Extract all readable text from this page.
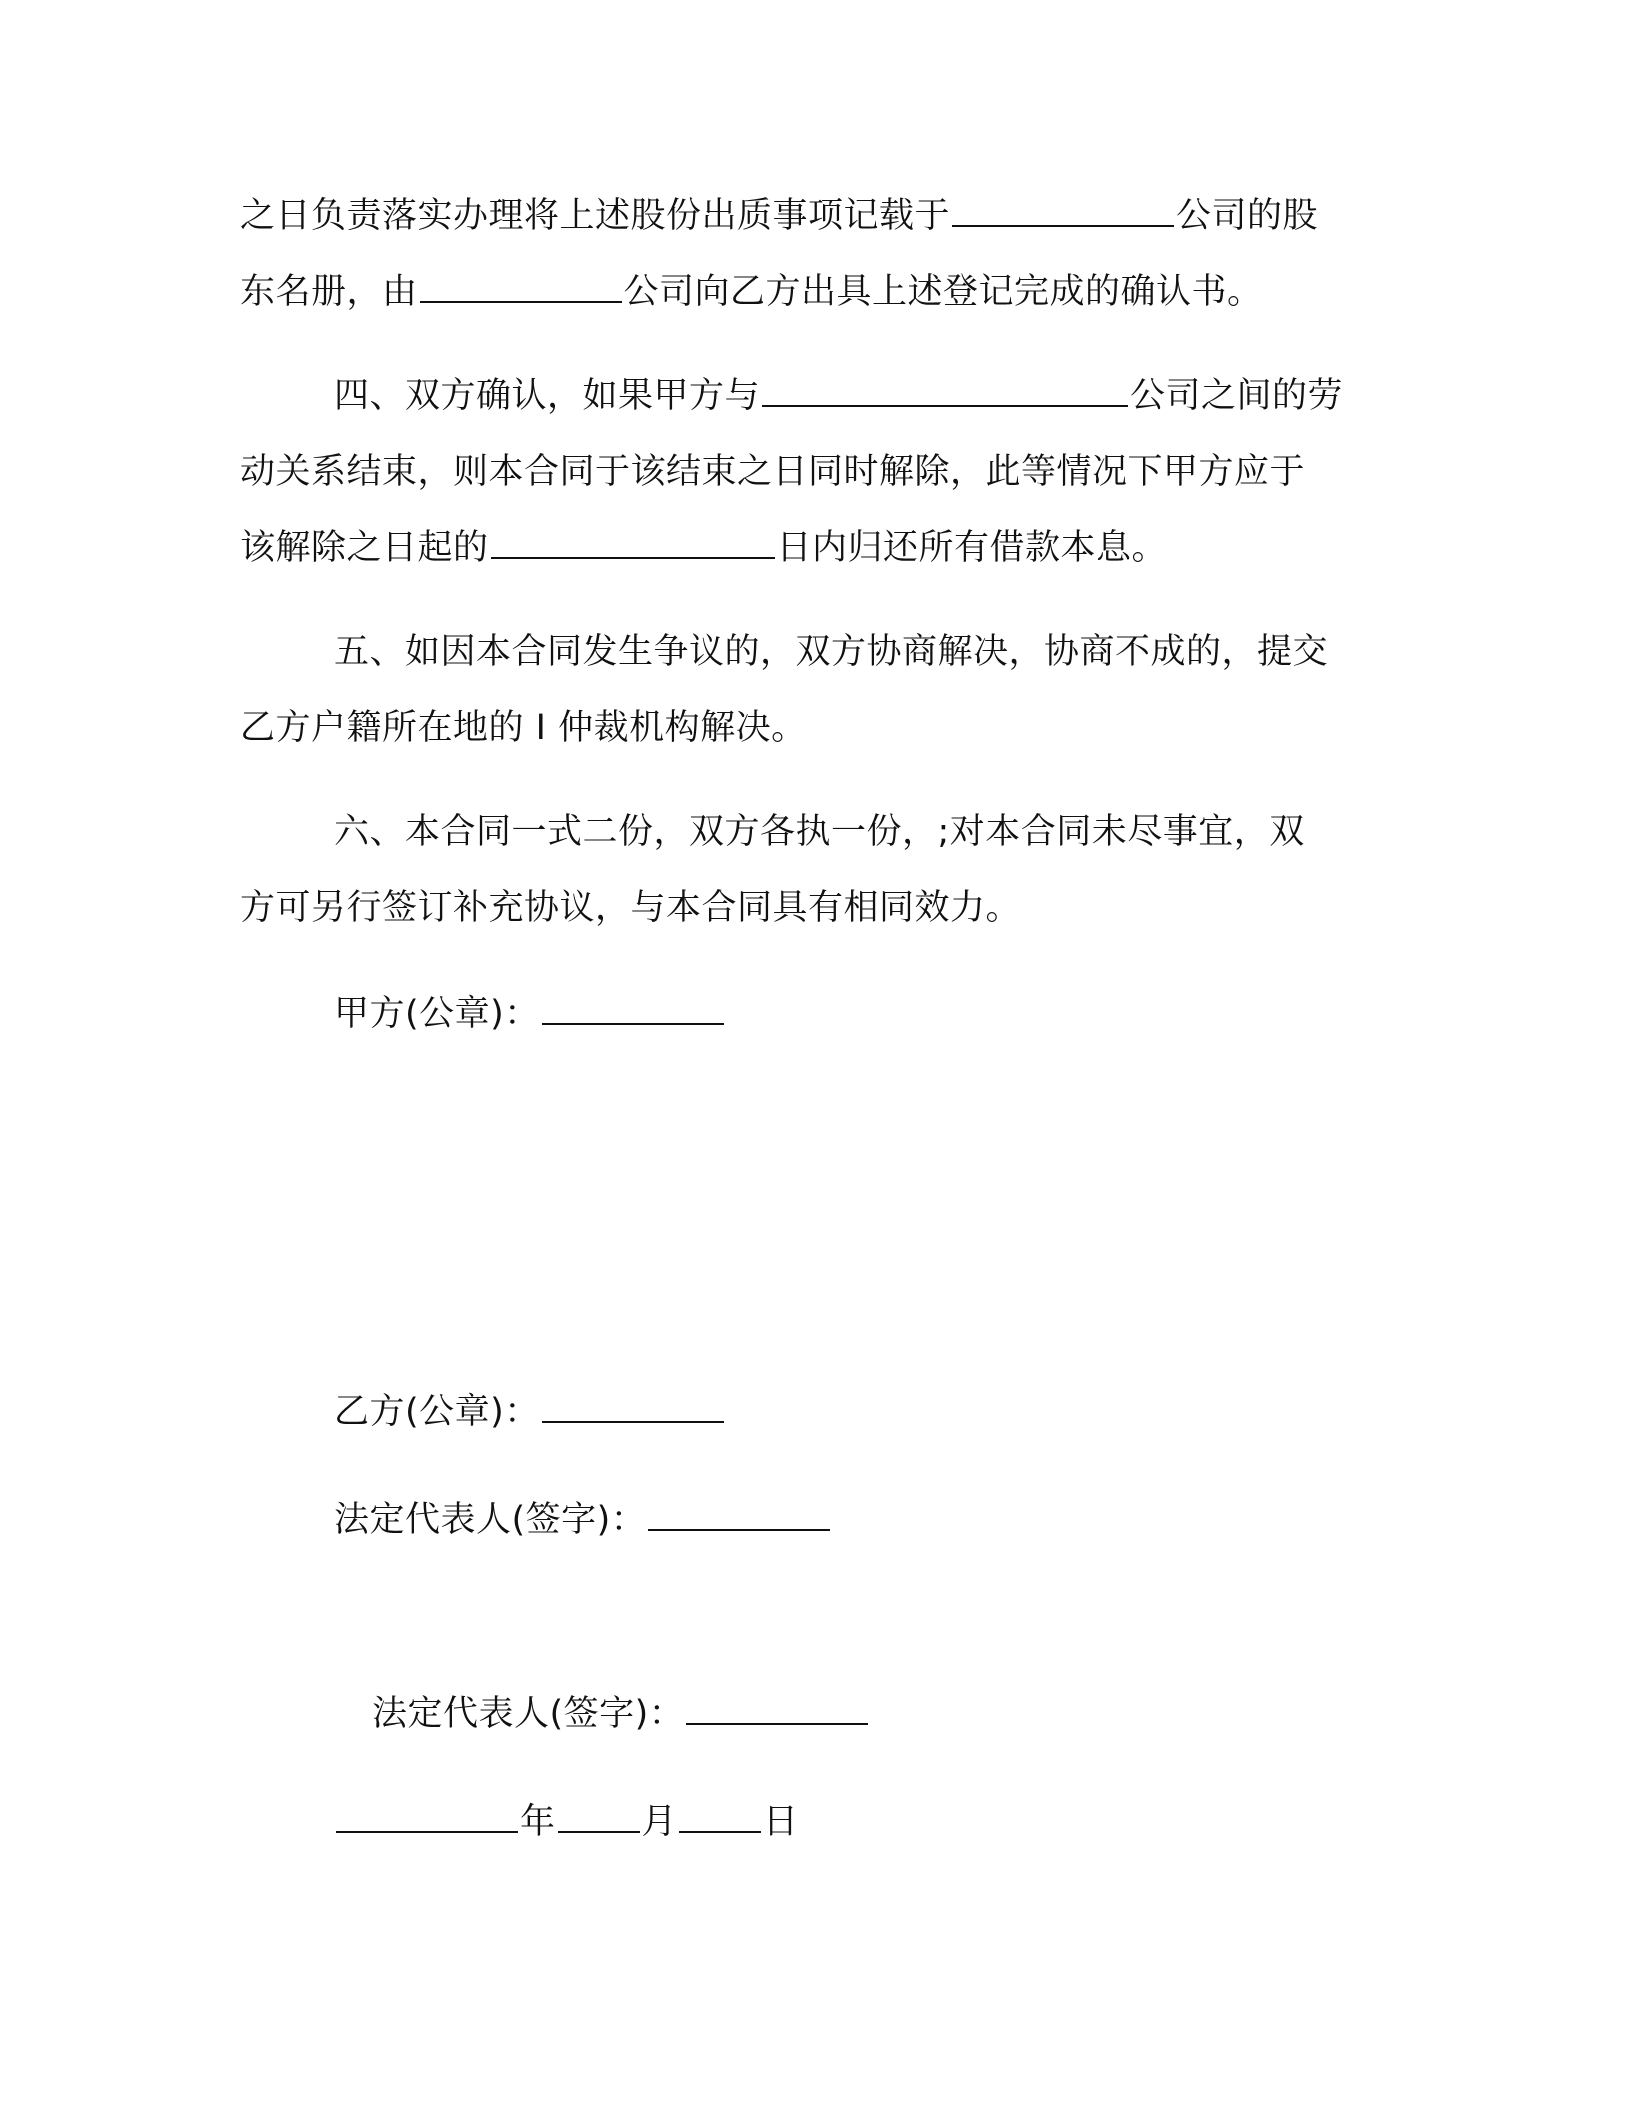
之日负责落实办理将上述股份出质事项记载于	公司的股
东名册，由	公司向乙方出具上述登记完成的确认书。
四、双方确认，如果甲方与	公司之间的劳
动关系结束，则本合同于该结束之日同时解除，此等情况下甲方应于
该解除之日起的	日内归还所有借款本息。
五、如因本合同发生争议的，双方协商解决，协商不成的，提交
乙方户籍所在地的 I 仲裁机构解决。
六、本合同一式二份，双方各执一份，;对本合同未尽事宜，双
方可另行签订补充协议，与本合同具有相同效力。
甲方(公章)：
乙方(公章)：
法定代表人(签字)：
法定代表人(签字)：
年 月 日
